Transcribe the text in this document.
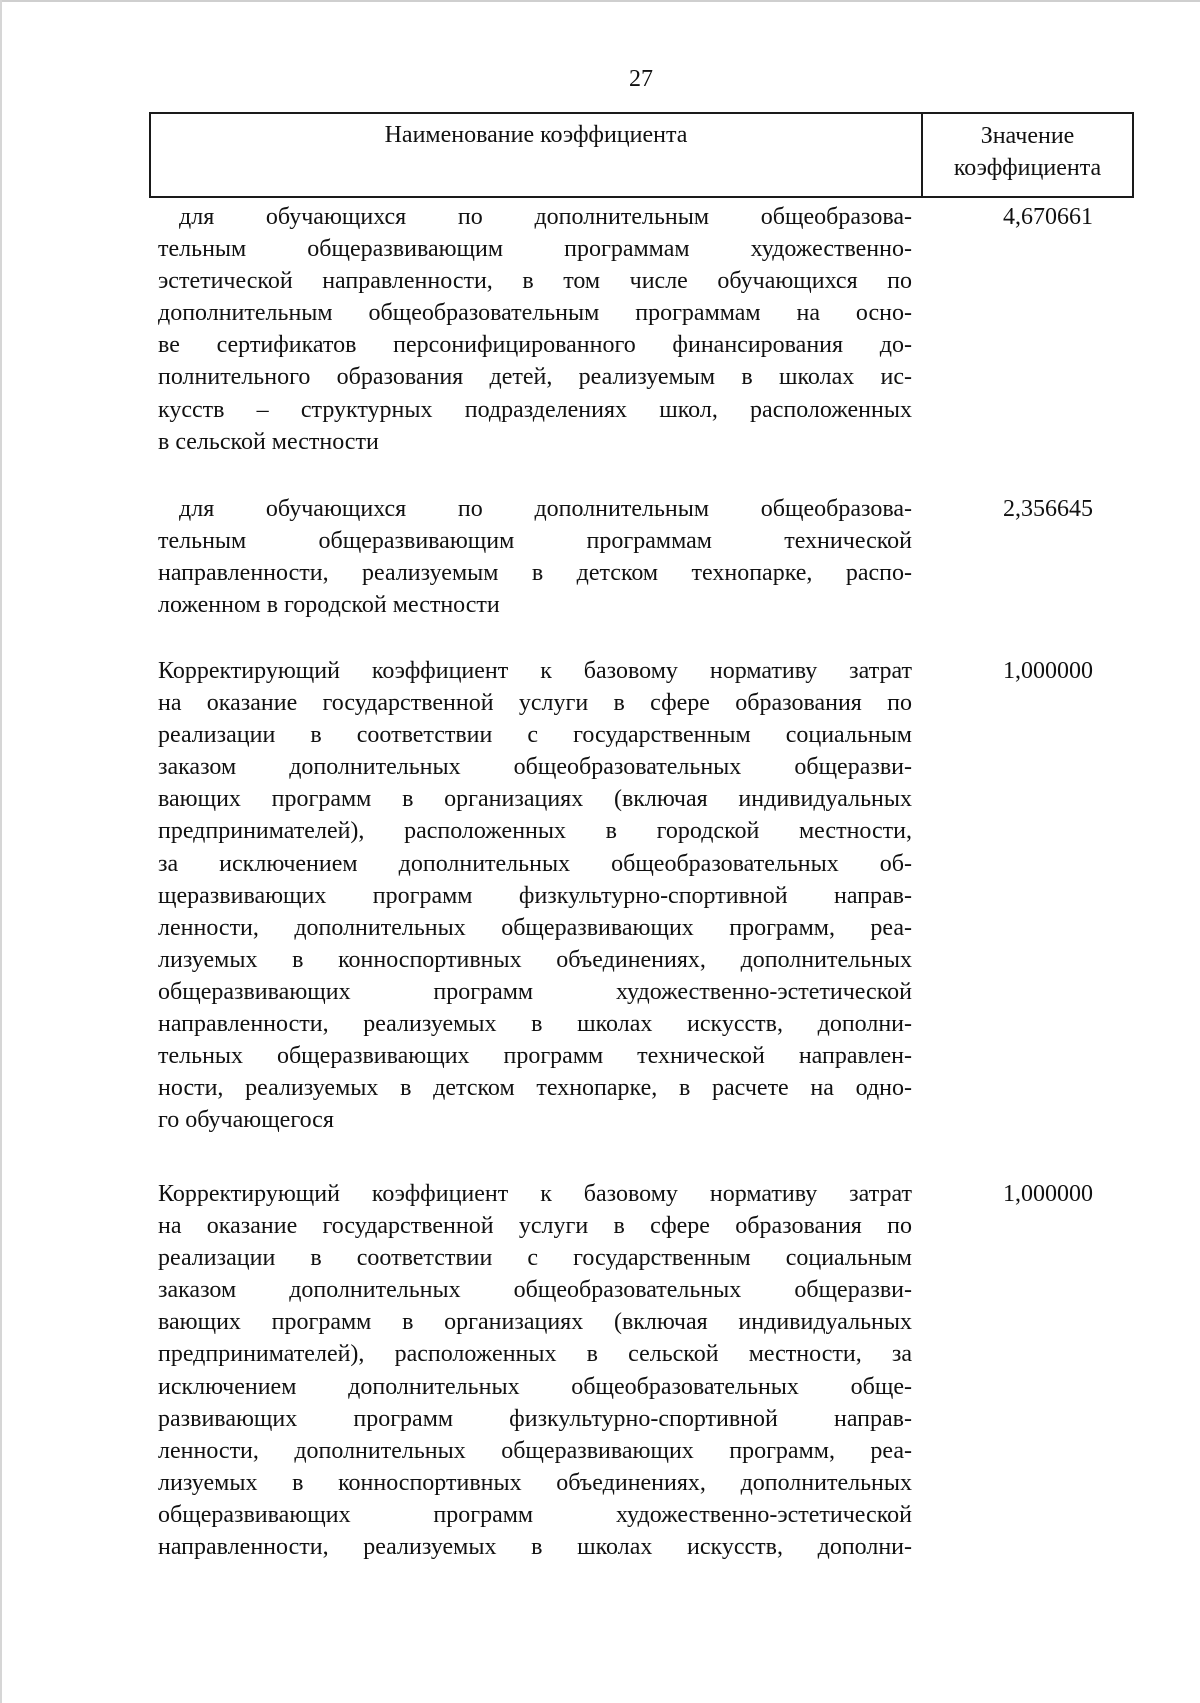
27
Наименование коэффициента	Значение
коэффициента
для обучающихся по дополнительным общеобразова-
тельным общеразвивающим программам художественно-
эстетической направленности, в том числе обучающихся по
дополнительным общеобразовательным программам на осно-
ве сертификатов персонифицированного финансирования до-
полнительного образования детей, реализуемым в школах ис-
кусств – структурных подразделениях школ, расположенных
в сельской местности
4,670661
для обучающихся по дополнительным общеобразова-
тельным общеразвивающим программам технической
направленности, реализуемым в детском технопарке, распо-
ложенном в городской местности
2,356645
Корректирующий коэффициент к базовому нормативу затрат
на оказание государственной услуги в сфере образования по
реализации в соответствии с государственным социальным
заказом дополнительных общеобразовательных общеразви-
вающих программ в организациях (включая индивидуальных
предпринимателей), расположенных в городской местности,
за исключением дополнительных общеобразовательных об-
щеразвивающих программ физкультурно-спортивной направ-
ленности, дополнительных общеразвивающих программ, реа-
лизуемых в конноспортивных объединениях, дополнительных
общеразвивающих программ художественно-эстетической
направленности, реализуемых в школах искусств, дополни-
тельных общеразвивающих программ технической направлен-
ности, реализуемых в детском технопарке, в расчете на одно-
го обучающегося
1,000000
Корректирующий коэффициент к базовому нормативу затрат
на оказание государственной услуги в сфере образования по
реализации в соответствии с государственным социальным
заказом дополнительных общеобразовательных общеразви-
вающих программ в организациях (включая индивидуальных
предпринимателей), расположенных в сельской местности, за
исключением дополнительных общеобразовательных обще-
развивающих программ физкультурно-спортивной направ-
ленности, дополнительных общеразвивающих программ, реа-
лизуемых в конноспортивных объединениях, дополнительных
общеразвивающих программ художественно-эстетической
направленности, реализуемых в школах искусств, дополни-
1,000000
